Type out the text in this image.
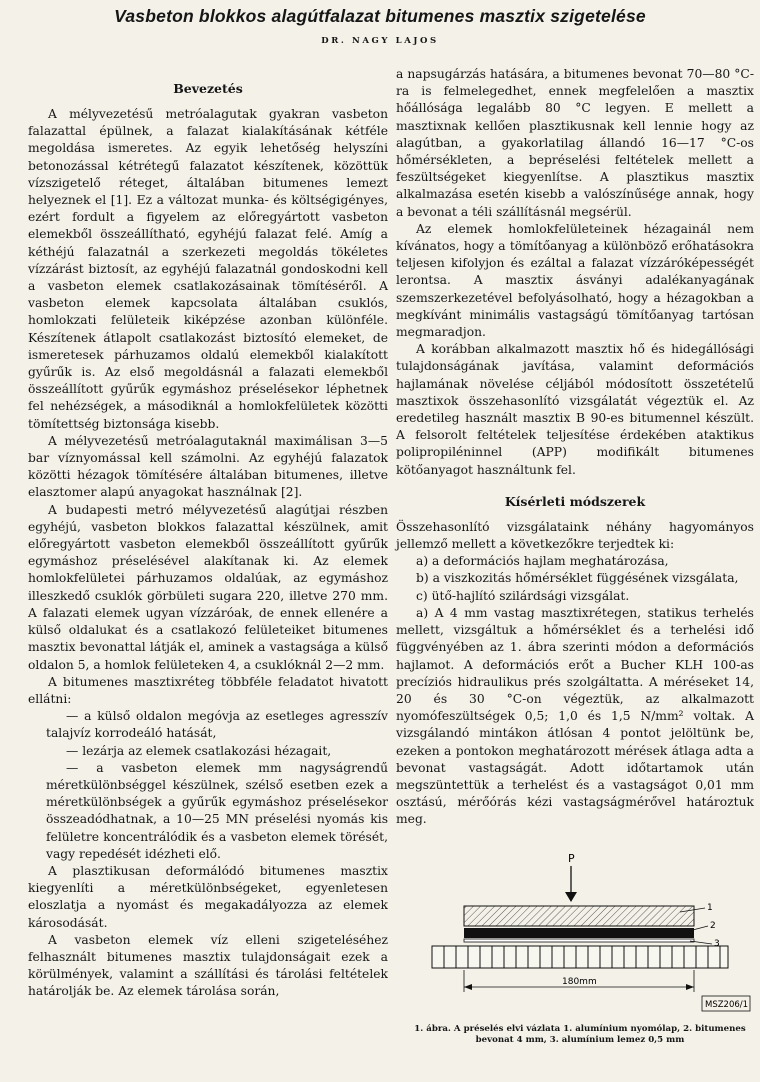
Vasbeton blokkos alagútfalazat bitumenes masztix szigetelése
DR. NAGY LAJOS
Bevezetés

A mélyvezetésű metróalagutak gyakran vasbeton falazattal épülnek, a falazat kialakításának kétféle megoldása ismeretes. Az egyik lehetőség helyszíni betonozással kétrétegű falazatot készítenek, közöttük vízszigetelő réteget, általában bitumenes lemezt helyeznek el [1]. Ez a változat munka- és költségigényes, ezért fordult a figyelem az előregyártott vasbeton elemekből összeállítható, egyhéjú falazat felé. Amíg a kéthéjú falazatnál a szerkezeti megoldás tökéletes vízzárást biztosít, az egyhéjú falazatnál gondoskodni kell a vasbeton elemek csatlakozásainak tömítéséről. A vasbeton elemek kapcsolata általában csuklós, homlokzati felületeik kiképzése azonban különféle. Készítenek átlapolt csatlakozást biztosító elemeket, de ismeretesek párhuzamos oldalú elemekből kialakított gyűrűk is. Az első megoldásnál a falazati elemekből összeállított gyűrűk egymáshoz préselésekor léphetnek fel nehézségek, a másodiknál a homlokfelületek közötti tömítettség biztonsága kisebb.

A mélyvezetésű metróalagutaknál maximálisan 3—5 bar víznyomással kell számolni. Az egyhéjú falazatok közötti hézagok tömítésére általában bitumenes, illetve elasztomer alapú anyagokat használnak [2].

A budapesti metró mélyvezetésű alagútjai részben egyhéjú, vasbeton blokkos falazattal készülnek, amit előregyártott vasbeton elemekből összeállított gyűrűk egymáshoz préselésével alakítanak ki. Az elemek homlokfelületei párhuzamos oldalúak, az egymáshoz illeszkedő csuklók görbületi sugara 220, illetve 270 mm. A falazati elemek ugyan vízzáróak, de ennek ellenére a külső oldalukat és a csatlakozó felületeiket bitumenes masztix bevonattal látják el, aminek a vastagsága a külső oldalon 5, a homlok felületeken 4, a csuklóknál 2—2 mm.

A bitumenes masztixréteg többféle feladatot hivatott ellátni:

— a külső oldalon megóvja az esetleges agresszív talajvíz korrodeáló hatását,

— lezárja az elemek csatlakozási hézagait,

— a vasbeton elemek mm nagyságrendű méretkülönbséggel készülnek, szélső esetben ezek a méretkülönbségek a gyűrűk egymáshoz préselésekor összeadódhatnak, a 10—25 MN préselési nyomás kis felületre koncentrálódik és a vasbeton elemek törését, vagy repedését idézheti elő.

A plasztikusan deformálódó bitumenes masztix kiegyenlíti a méretkülönbségeket, egyenletesen eloszlatja a nyomást és megakadályozza az elemek károsodását.

A vasbeton elemek víz elleni szigeteléséhez felhasznált bitumenes masztix tulajdonságait ezek a körülmények, valamint a szállítási és tárolási feltételek határolják be. Az elemek tárolása során,

a napsugárzás hatására, a bitumenes bevonat 70—80 °C-ra is felmelegedhet, ennek megfelelően a masztix hőállósága legalább 80 °C legyen. E mellett a masztixnak kellően plasztikusnak kell lennie hogy az alagútban, a gyakorlatilag állandó 16—17 °C-os hőmérsékleten, a bepréselési feltételek mellett a feszültségeket kiegyenlítse. A plasztikus masztix alkalmazása esetén kisebb a valószínűsége annak, hogy a bevonat a téli szállításnál megsérül.

Az elemek homlokfelületeinek hézagainál nem kívánatos, hogy a tömítőanyag a különböző erőhatásokra teljesen kifolyjon és ezáltal a falazat vízzáróképességét lerontsa. A masztix ásványi adalékanyagának szemszerkezetével befolyásolható, hogy a hézagokban a megkívánt minimális vastagságú tömítőanyag tartósan megmaradjon.

A korábban alkalmazott masztix hő és hidegállósági tulajdonságának javítása, valamint deformációs hajlamának növelése céljából módosított összetételű masztixok összehasonlító vizsgálatát végeztük el. Az eredetileg használt masztix B 90-es bitumennel készült. A felsorolt feltételek teljesítése érdekében ataktikus polipropiléninnel (APP) modifikált bitumenes kötőanyagot használtunk fel.

Kísérleti módszerek

Összehasonlító vizsgálataink néhány hagyományos jellemző mellett a következőkre terjedtek ki:

a) a deformációs hajlam meghatározása,

b) a viszkozitás hőmérséklet függésének vizsgálata,

c) ütő-hajlító szilárdsági vizsgálat.

a) A 4 mm vastag masztixrétegen, statikus terhelés mellett, vizsgáltuk a hőmérséklet és a terhelési idő függvényében az 1. ábra szerinti módon a deformációs hajlamot. A deformációs erőt a Bucher KLH 100-as precíziós hidraulikus prés szolgáltatta. A méréseket 14, 20 és 30 °C-on végeztük, az alkalmazott nyomófeszültségek 0,5; 1,0 és 1,5 N/mm² voltak. A vizsgálandó mintákon átlósan 4 pontot jelöltünk be, ezeken a pontokon meghatározott mérések átlaga adta a bevonat vastagságát. Adott időtartamok után megszüntettük a terhelést és a vastagságot 0,01 mm osztású, mérőórás kézi vastagságmérővel határoztuk meg.

P
1
2
3
180mm
MSZ206/1
1. ábra. A préselés elvi vázlata 1. alumínium nyomólap, 2. bitumenes bevonat 4 mm, 3. alumínium lemez 0,5 mm
